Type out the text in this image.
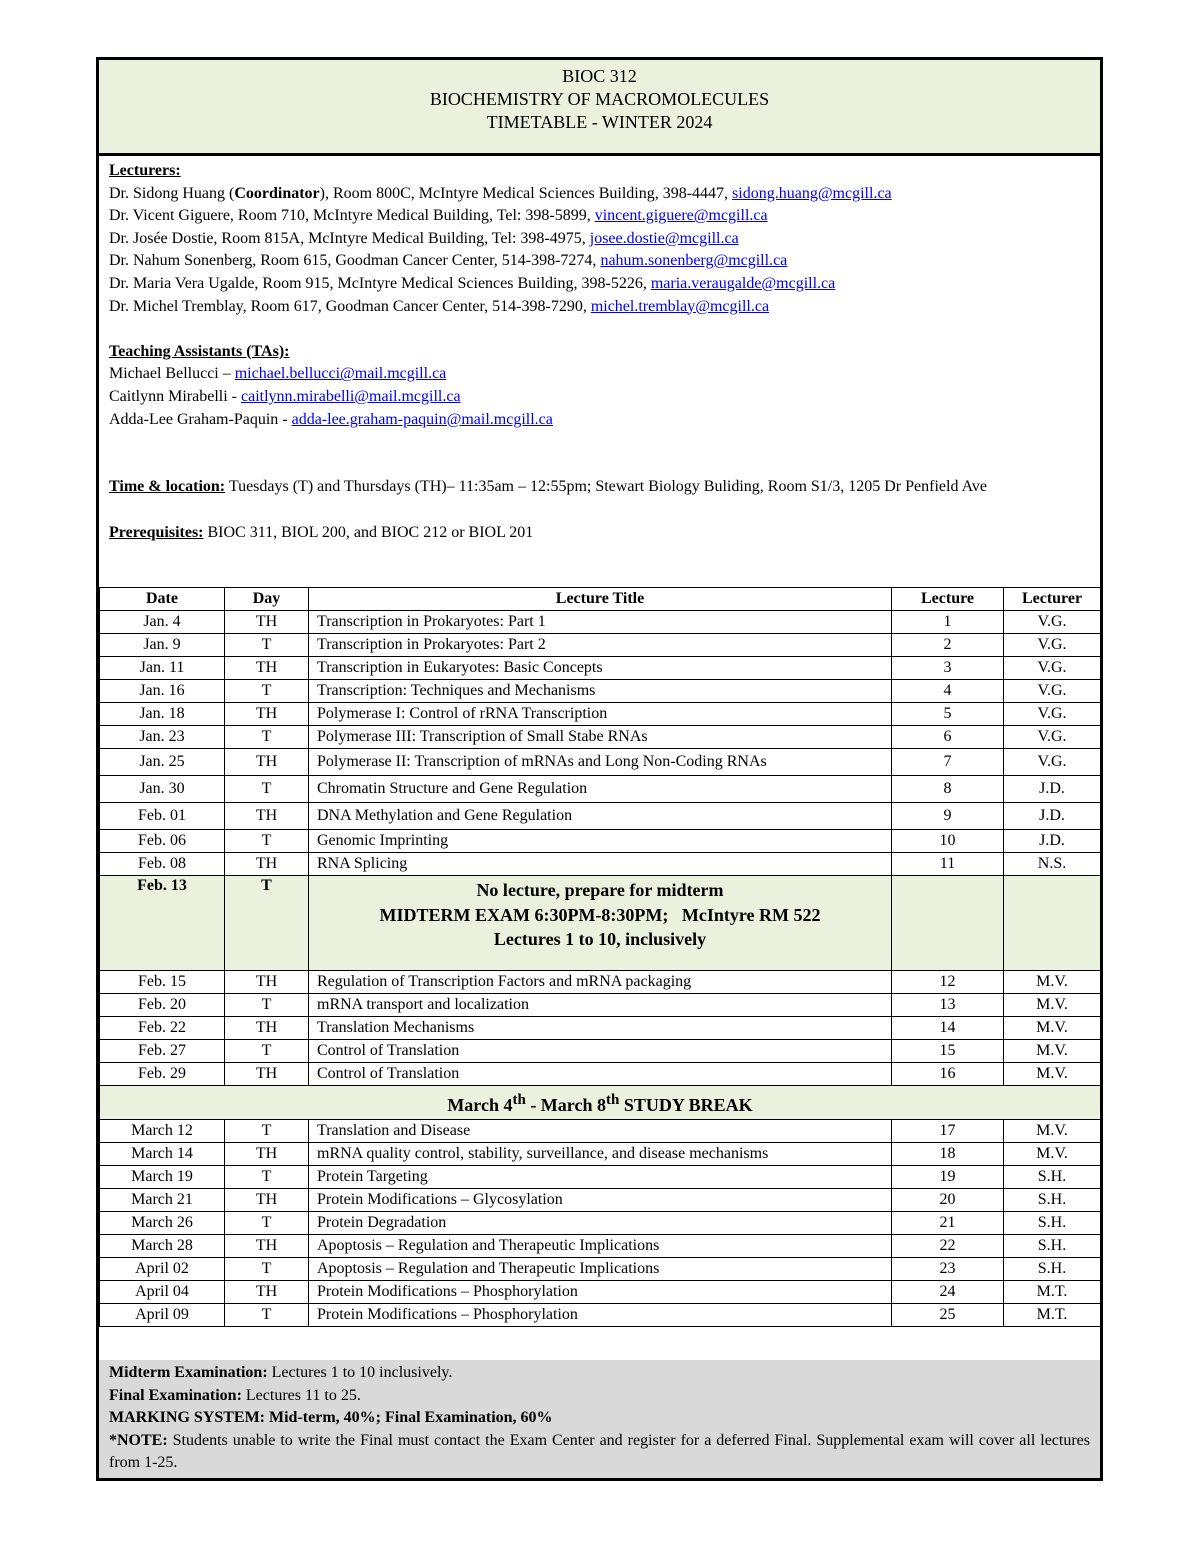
BIOC 312
BIOCHEMISTRY OF MACROMOLECULES
TIMETABLE - WINTER 2024
Lecturers:
Dr. Sidong Huang (Coordinator), Room 800C, McIntyre Medical Sciences Building, 398-4447, sidong.huang@mcgill.ca
Dr. Vicent Giguere, Room 710, McIntyre Medical Building, Tel: 398-5899, vincent.giguere@mcgill.ca
Dr. Josée Dostie, Room 815A, McIntyre Medical Building, Tel: 398-4975, josee.dostie@mcgill.ca
Dr. Nahum Sonenberg, Room 615, Goodman Cancer Center, 514-398-7274, nahum.sonenberg@mcgill.ca
Dr. Maria Vera Ugalde, Room 915, McIntyre Medical Sciences Building, 398-5226, maria.veraugalde@mcgill.ca
Dr. Michel Tremblay, Room 617, Goodman Cancer Center, 514-398-7290, michel.tremblay@mcgill.ca
Teaching Assistants (TAs):
Michael Bellucci – michael.bellucci@mail.mcgill.ca
Caitlynn Mirabelli - caitlynn.mirabelli@mail.mcgill.ca
Adda-Lee Graham-Paquin - adda-lee.graham-paquin@mail.mcgill.ca
Time & location: Tuesdays (T) and Thursdays (TH)– 11:35am – 12:55pm; Stewart Biology Buliding, Room S1/3, 1205 Dr Penfield Ave
Prerequisites: BIOC 311, BIOL 200, and BIOC 212 or BIOL 201
Date	Day	Lecture Title	Lecture	Lecturer
Jan. 4	TH	Transcription in Prokaryotes: Part 1	1	V.G.
Jan. 9	T	Transcription in Prokaryotes: Part 2	2	V.G.
Jan. 11	TH	Transcription in Eukaryotes: Basic Concepts	3	V.G.
Jan. 16	T	Transcription: Techniques and Mechanisms	4	V.G.
Jan. 18	TH	Polymerase I: Control of rRNA Transcription	5	V.G.
Jan. 23	T	Polymerase III: Transcription of Small Stabe RNAs	6	V.G.
Jan. 25	TH	Polymerase II: Transcription of mRNAs and Long Non-Coding RNAs	7	V.G.
Jan. 30	T	Chromatin Structure and Gene Regulation	8	J.D.
Feb. 01	TH	DNA Methylation and Gene Regulation	9	J.D.
Feb. 06	T	Genomic Imprinting	10	J.D.
Feb. 08	TH	RNA Splicing	11	N.S.
Feb. 13	T	No lecture, prepare for midterm
MIDTERM EXAM 6:30PM-8:30PM;   McIntyre RM 522
Lectures 1 to 10, inclusively		

Feb. 15	TH	Regulation of Transcription Factors and mRNA packaging	12	M.V.
Feb. 20	T	mRNA transport and localization	13	M.V.
Feb. 22	TH	Translation Mechanisms	14	M.V.
Feb. 27	T	Control of Translation	15	M.V.
Feb. 29	TH	Control of Translation	16	M.V.
March 4th - March 8th STUDY BREAK				
March 12	T	Translation and Disease	17	M.V.
March 14	TH	mRNA quality control, stability, surveillance, and disease mechanisms	18	M.V.
March 19	T	Protein Targeting	19	S.H.
March 21	TH	Protein Modifications – Glycosylation	20	S.H.
March 26	T	Protein Degradation	21	S.H.
March 28	TH	Apoptosis – Regulation and Therapeutic Implications	22	S.H.
April 02	T	Apoptosis – Regulation and Therapeutic Implications	23	S.H.
April 04	TH	Protein Modifications – Phosphorylation	24	M.T.
April 09	T	Protein Modifications – Phosphorylation	25	M.T.
Midterm Examination: Lectures 1 to 10 inclusively.
Final Examination: Lectures 11 to 25.
MARKING SYSTEM: Mid-term, 40%; Final Examination, 60%
*NOTE: Students unable to write the Final must contact the Exam Center and register for a deferred Final. Supplemental exam will cover all lectures from 1-25.
